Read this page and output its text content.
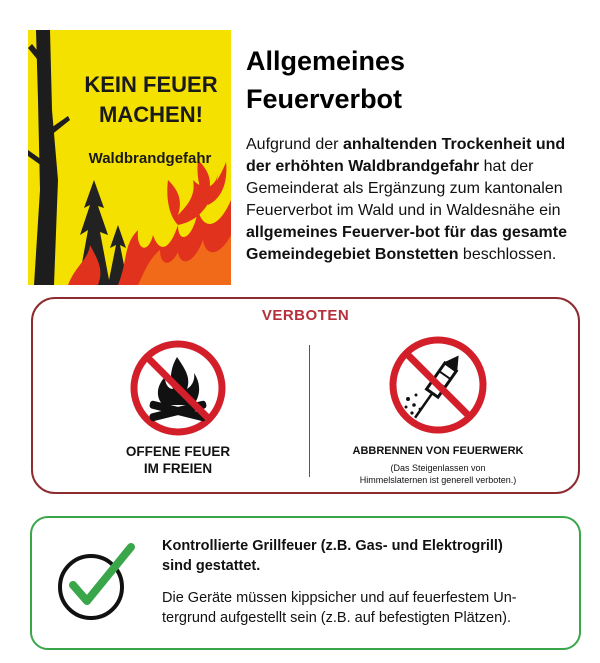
KEIN FEUER
MACHEN!
Waldbrandgefahr
Allgemeines
Feuerverbot

Aufgrund der anhaltenden Trockenheit und der erhöhten Waldbrandgefahr hat der Gemeinderat als Ergänzung zum kantonalen Feuerverbot im Wald und in Waldesnähe ein allgemeines Feuerver-bot für das gesamte Gemeindegebiet Bonstetten beschlossen.

VERBOTEN
OFFENE FEUER
IM FREIEN
ABBRENNEN VON FEUERWERK
(Das Steigenlassen von
Himmelslaternen ist generell verboten.)
Kontrollierte Grillfeuer (z.B. Gas- und Elektrogrill)
sind gestattet.
Die Geräte müssen kippsicher und auf feuerfestem Un-
tergrund aufgestellt sein (z.B. auf befestigten Plätzen).
